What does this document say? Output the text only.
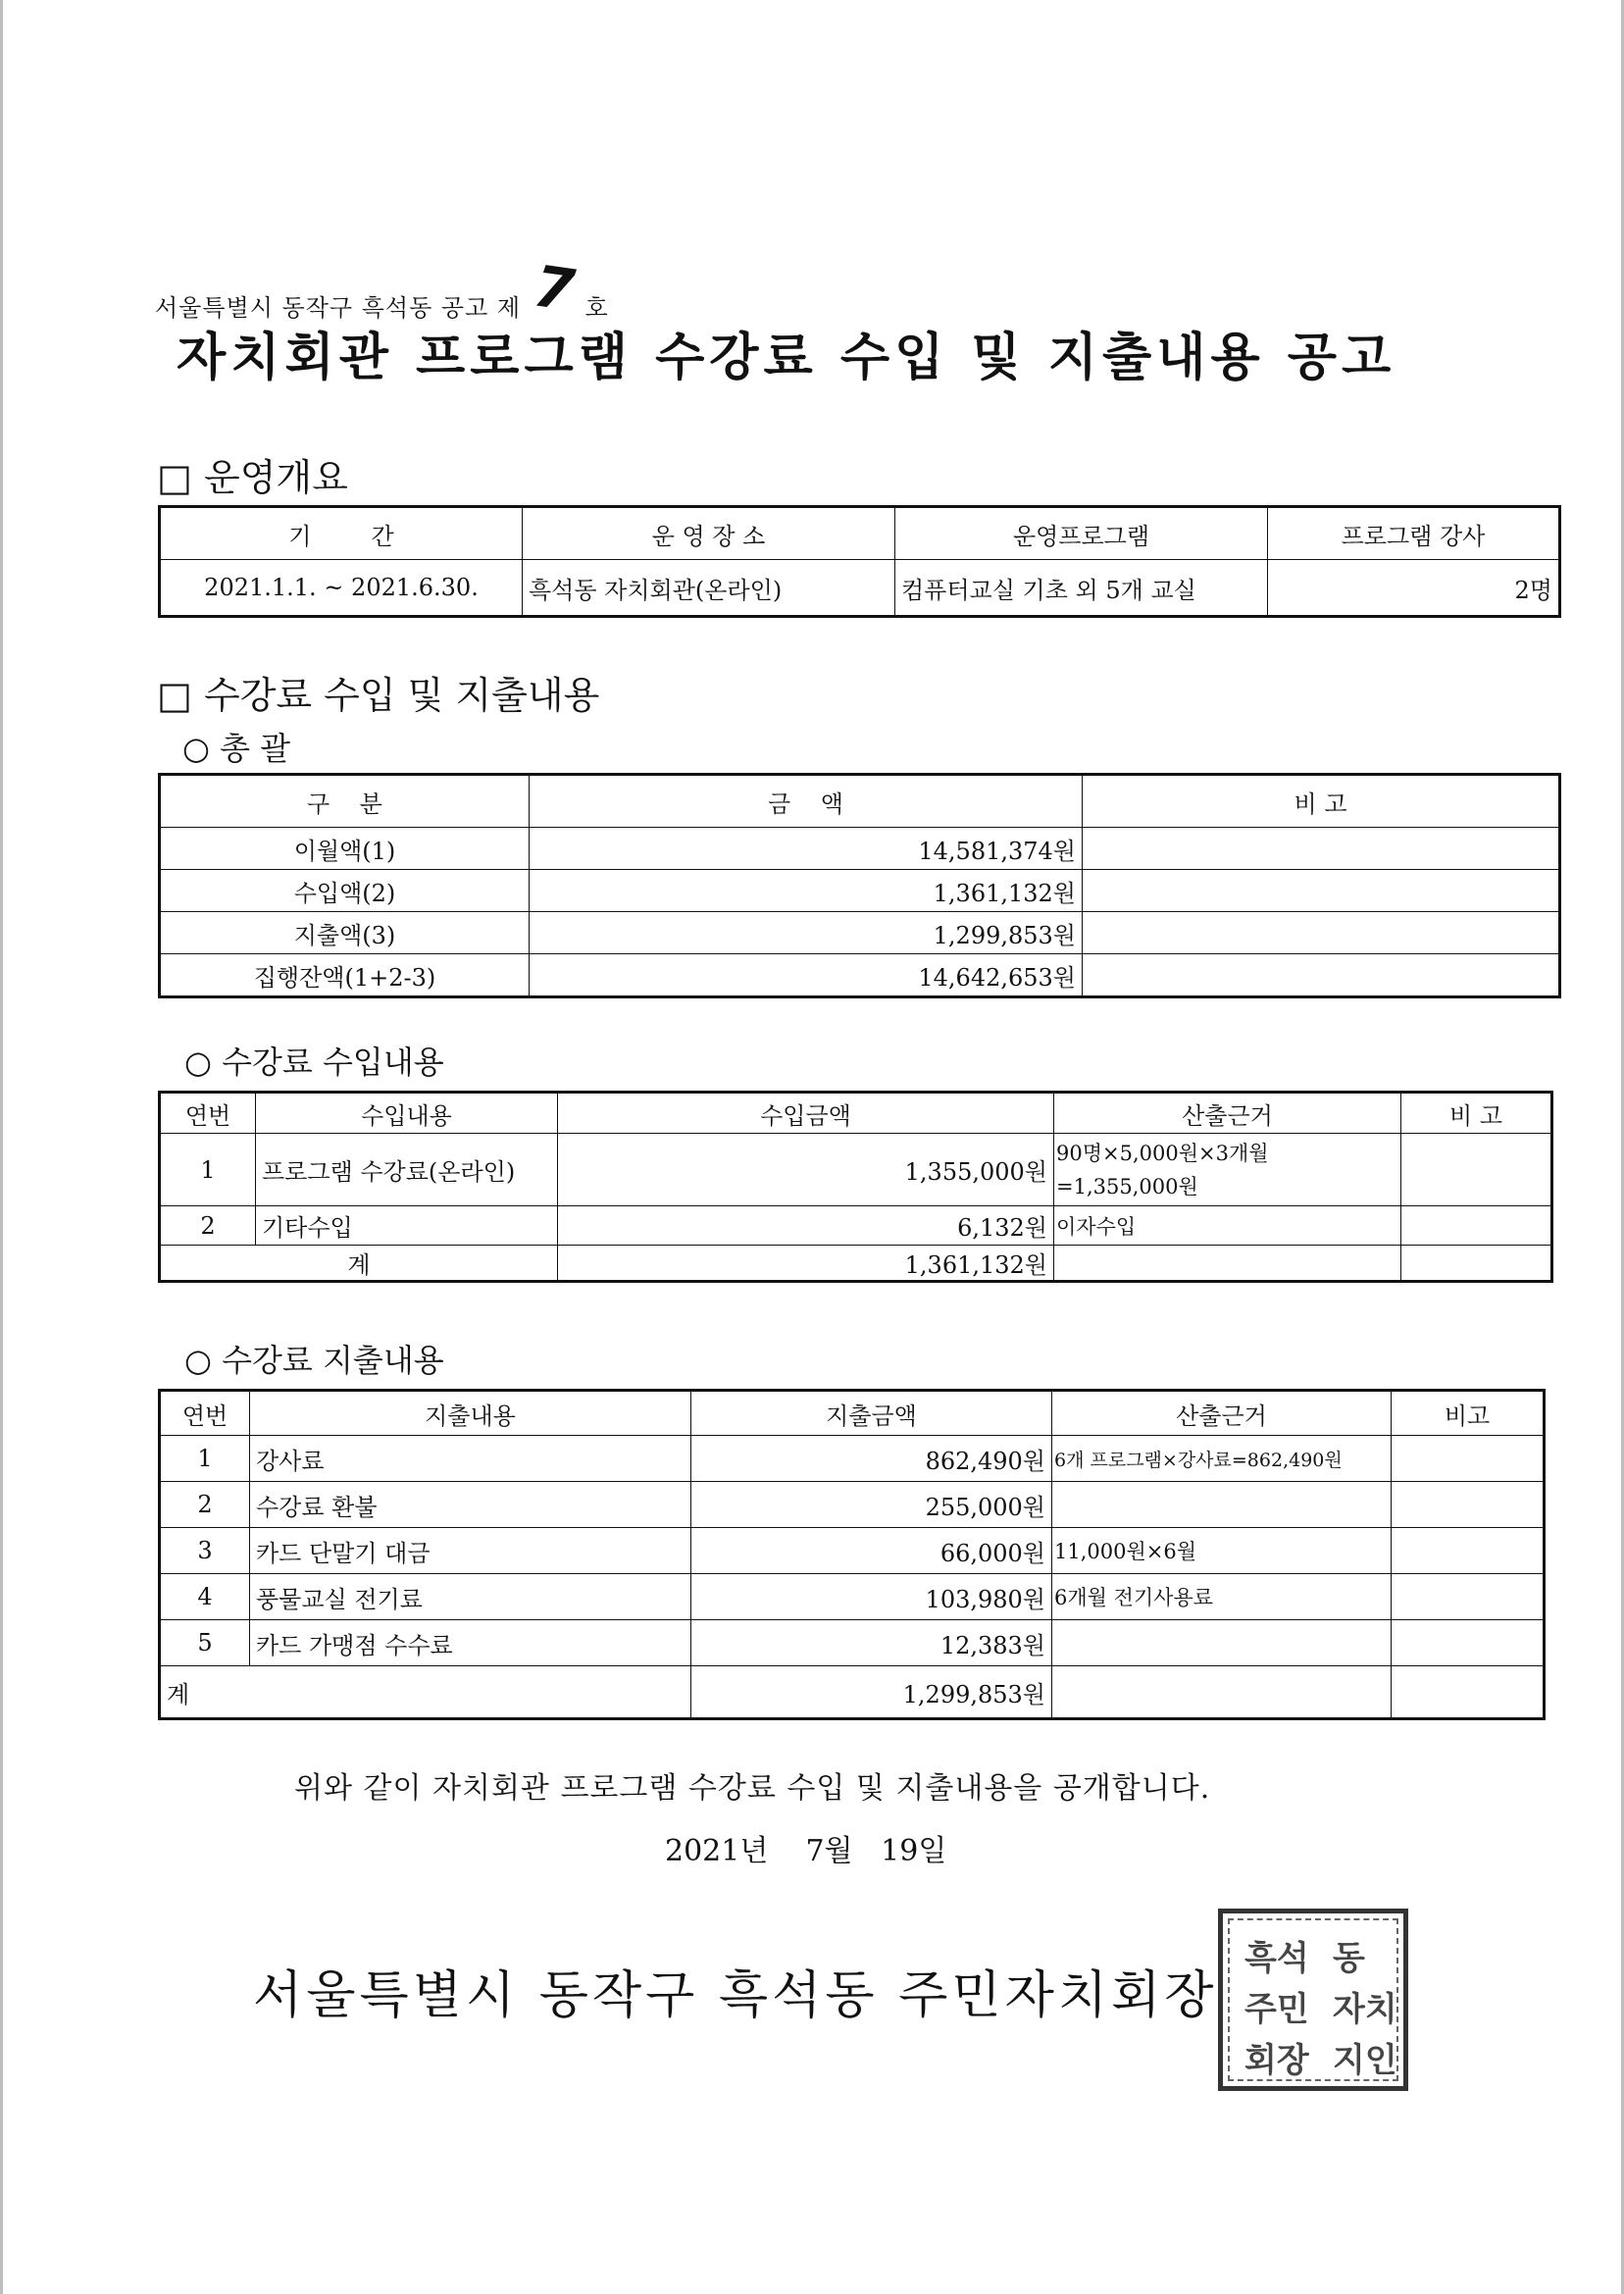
서울특별시 동작구 흑석동 공고 제 7 호
자치회관 프로그램 수강료 수입 및 지출내용 공고
□ 운영개요
기        간	운 영 장 소	운영프로그램	프로그램 강사
2021.1.1. ~ 2021.6.30.	흑석동 자치회관(온라인)	컴퓨터교실 기초 외 5개 교실	2명
□ 수강료 수입 및 지출내용
○ 총 괄
구    분	금    액	비 고
이월액(1)	14,581,374원	
수입액(2)	1,361,132원	
지출액(3)	1,299,853원	
집행잔액(1+2-3)	14,642,653원	
○ 수강료 수입내용
연번	수입내용	수입금액	산출근거	비 고
1	프로그램 수강료(온라인)	1,355,000원	90명×5,000원×3개월
=1,355,000원	

2	기타수입	6,132원	이자수입	

계		1,361,132원		
○ 수강료 지출내용
연번	지출내용	지출금액	산출근거	비고
1	강사료	862,490원	6개 프로그램×강사료=862,490원	
2	수강료 환불	255,000원		
3	카드 단말기 대금	66,000원	11,000원×6월	
4	풍물교실 전기료	103,980원	6개월 전기사용료	
5	카드 가맹점 수수료	12,383원		
계		1,299,853원		
위와 같이 자치회관 프로그램 수강료 수입 및 지출내용을 공개합니다.
2021년    7월   19일
서울특별시 동작구 흑석동 주민자치회장
흑석 동
주민 자치
회장 지인
